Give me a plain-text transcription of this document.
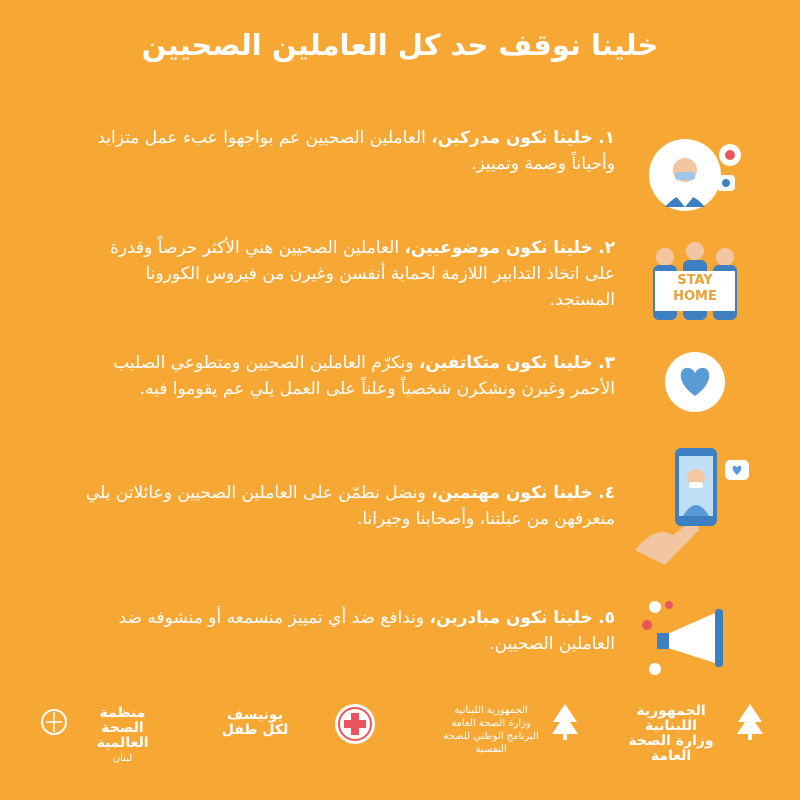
خلينا نوقف حد كل العاملين الصحيين
١. خلينا نكون مدركين، العاملين الصحيين عم بواجهوا عبء عمل متزايد وأحياناً وصمة وتمييز.
٢. خلينا نكون موضوعيين، العاملين الصحيين هني الأكثر حرصاً وقدرة على اتخاذ التدابير اللازمة لحماية أنفسن وغيرن من فيروس الكورونا المستجد.
STAY HOME
٣. خلينا نكون متكاتفين، ونكرّم العاملين الصحيين ومتطوعي الصليب الأحمر وغيرن ونشكرن شخصياً وعلناً على العمل يلي عم يقوموا فيه.
٤. خلينا نكون مهتمين، ونضل نطمّن على العاملين الصحيين وعائلاتن يلي منعرفهن من عيلتنا، وأصحابنا وجيرانا.
٥. خلينا نكون مبادرين، وندافع ضد أي تمييز منسمعه أو منشوفه ضد العاملين الصحيين.
منظمة
الصحة العالمية
لبنان
يونيسف
لكل طفل
الجمهورية اللبنانية
وزارة الصحة العامة
البرنامج الوطني للصحة النفسية
الجمهورية اللبنانية
وزارة الصحة العامة
